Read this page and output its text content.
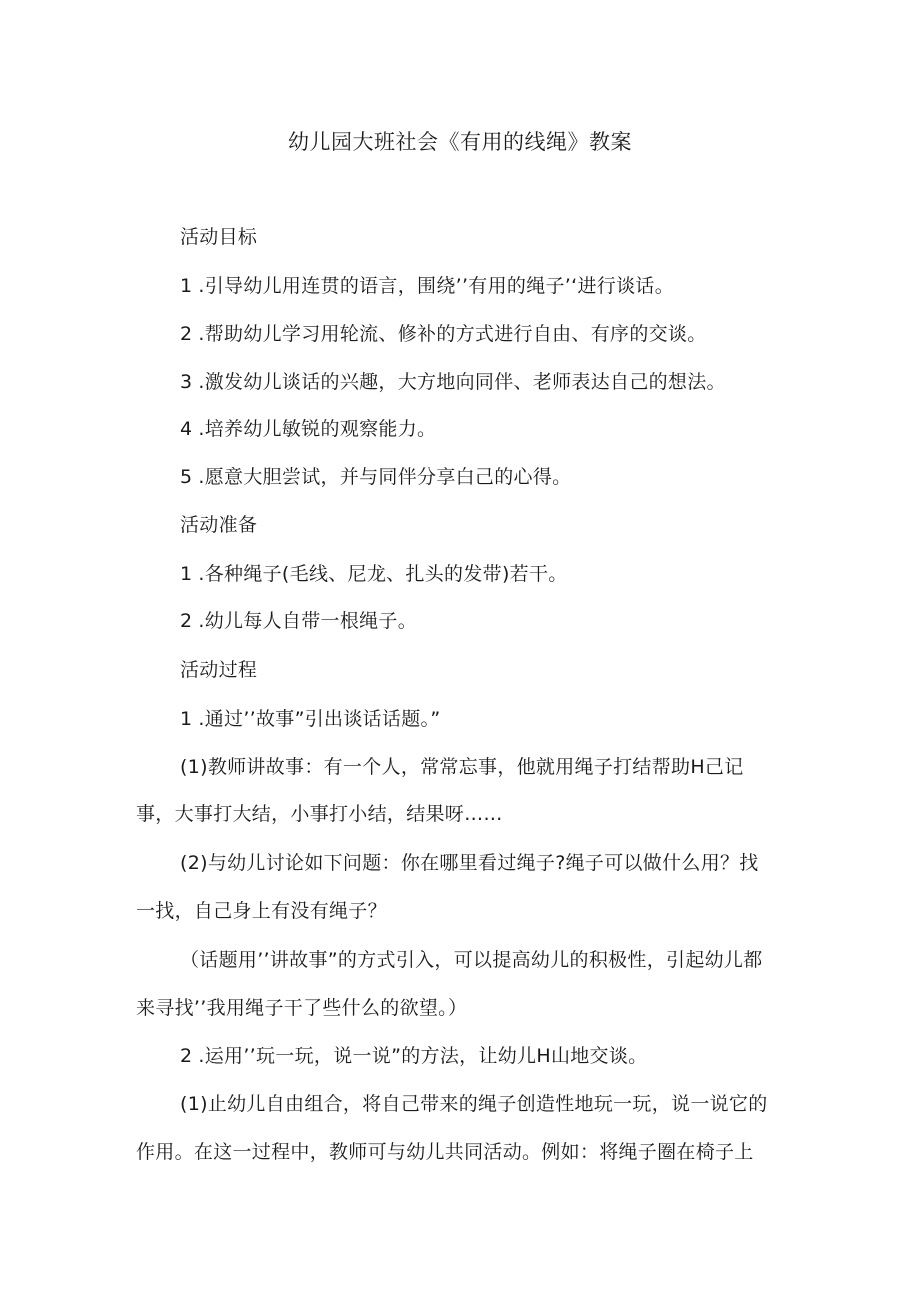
幼儿园大班社会《有用的线绳》教案
活动目标
1 .引导幼儿用连贯的语言，围绕’’有用的绳子’‘进行谈话。
2 .帮助幼儿学习用轮流、修补的方式进行自由、有序的交谈。
3 .激发幼儿谈话的兴趣，大方地向同伴、老师表达自己的想法。
4 .培养幼儿敏锐的观察能力。
5 .愿意大胆尝试，并与同伴分享白己的心得。
活动准备
1 .各种绳子(毛线、尼龙、扎头的发带)若干。
2 .幼儿每人自带一根绳子。
活动过程
1 .通过’’故事”引出谈话话题。”
(1)教师讲故事：有一个人，常常忘事，他就用绳子打结帮助H己记
事，大事打大结，小事打小结，结果呀……
(2)与幼儿讨论如下问题：你在哪里看过绳子?绳子可以做什么用？找
一找，自己身上有没有绳子？
（话题用’’讲故事”的方式引入，可以提高幼儿的积极性，引起幼儿都
来寻找’’我用绳子干了些什么的欲望。）
2 .运用’’玩一玩，说一说”的方法，让幼儿H山地交谈。
(1)止幼儿自由组合，将自己带来的绳子创造性地玩一玩，说一说它的
作用。在这一过程中，教师可与幼儿共同活动。例如：将绳子圈在椅子上
